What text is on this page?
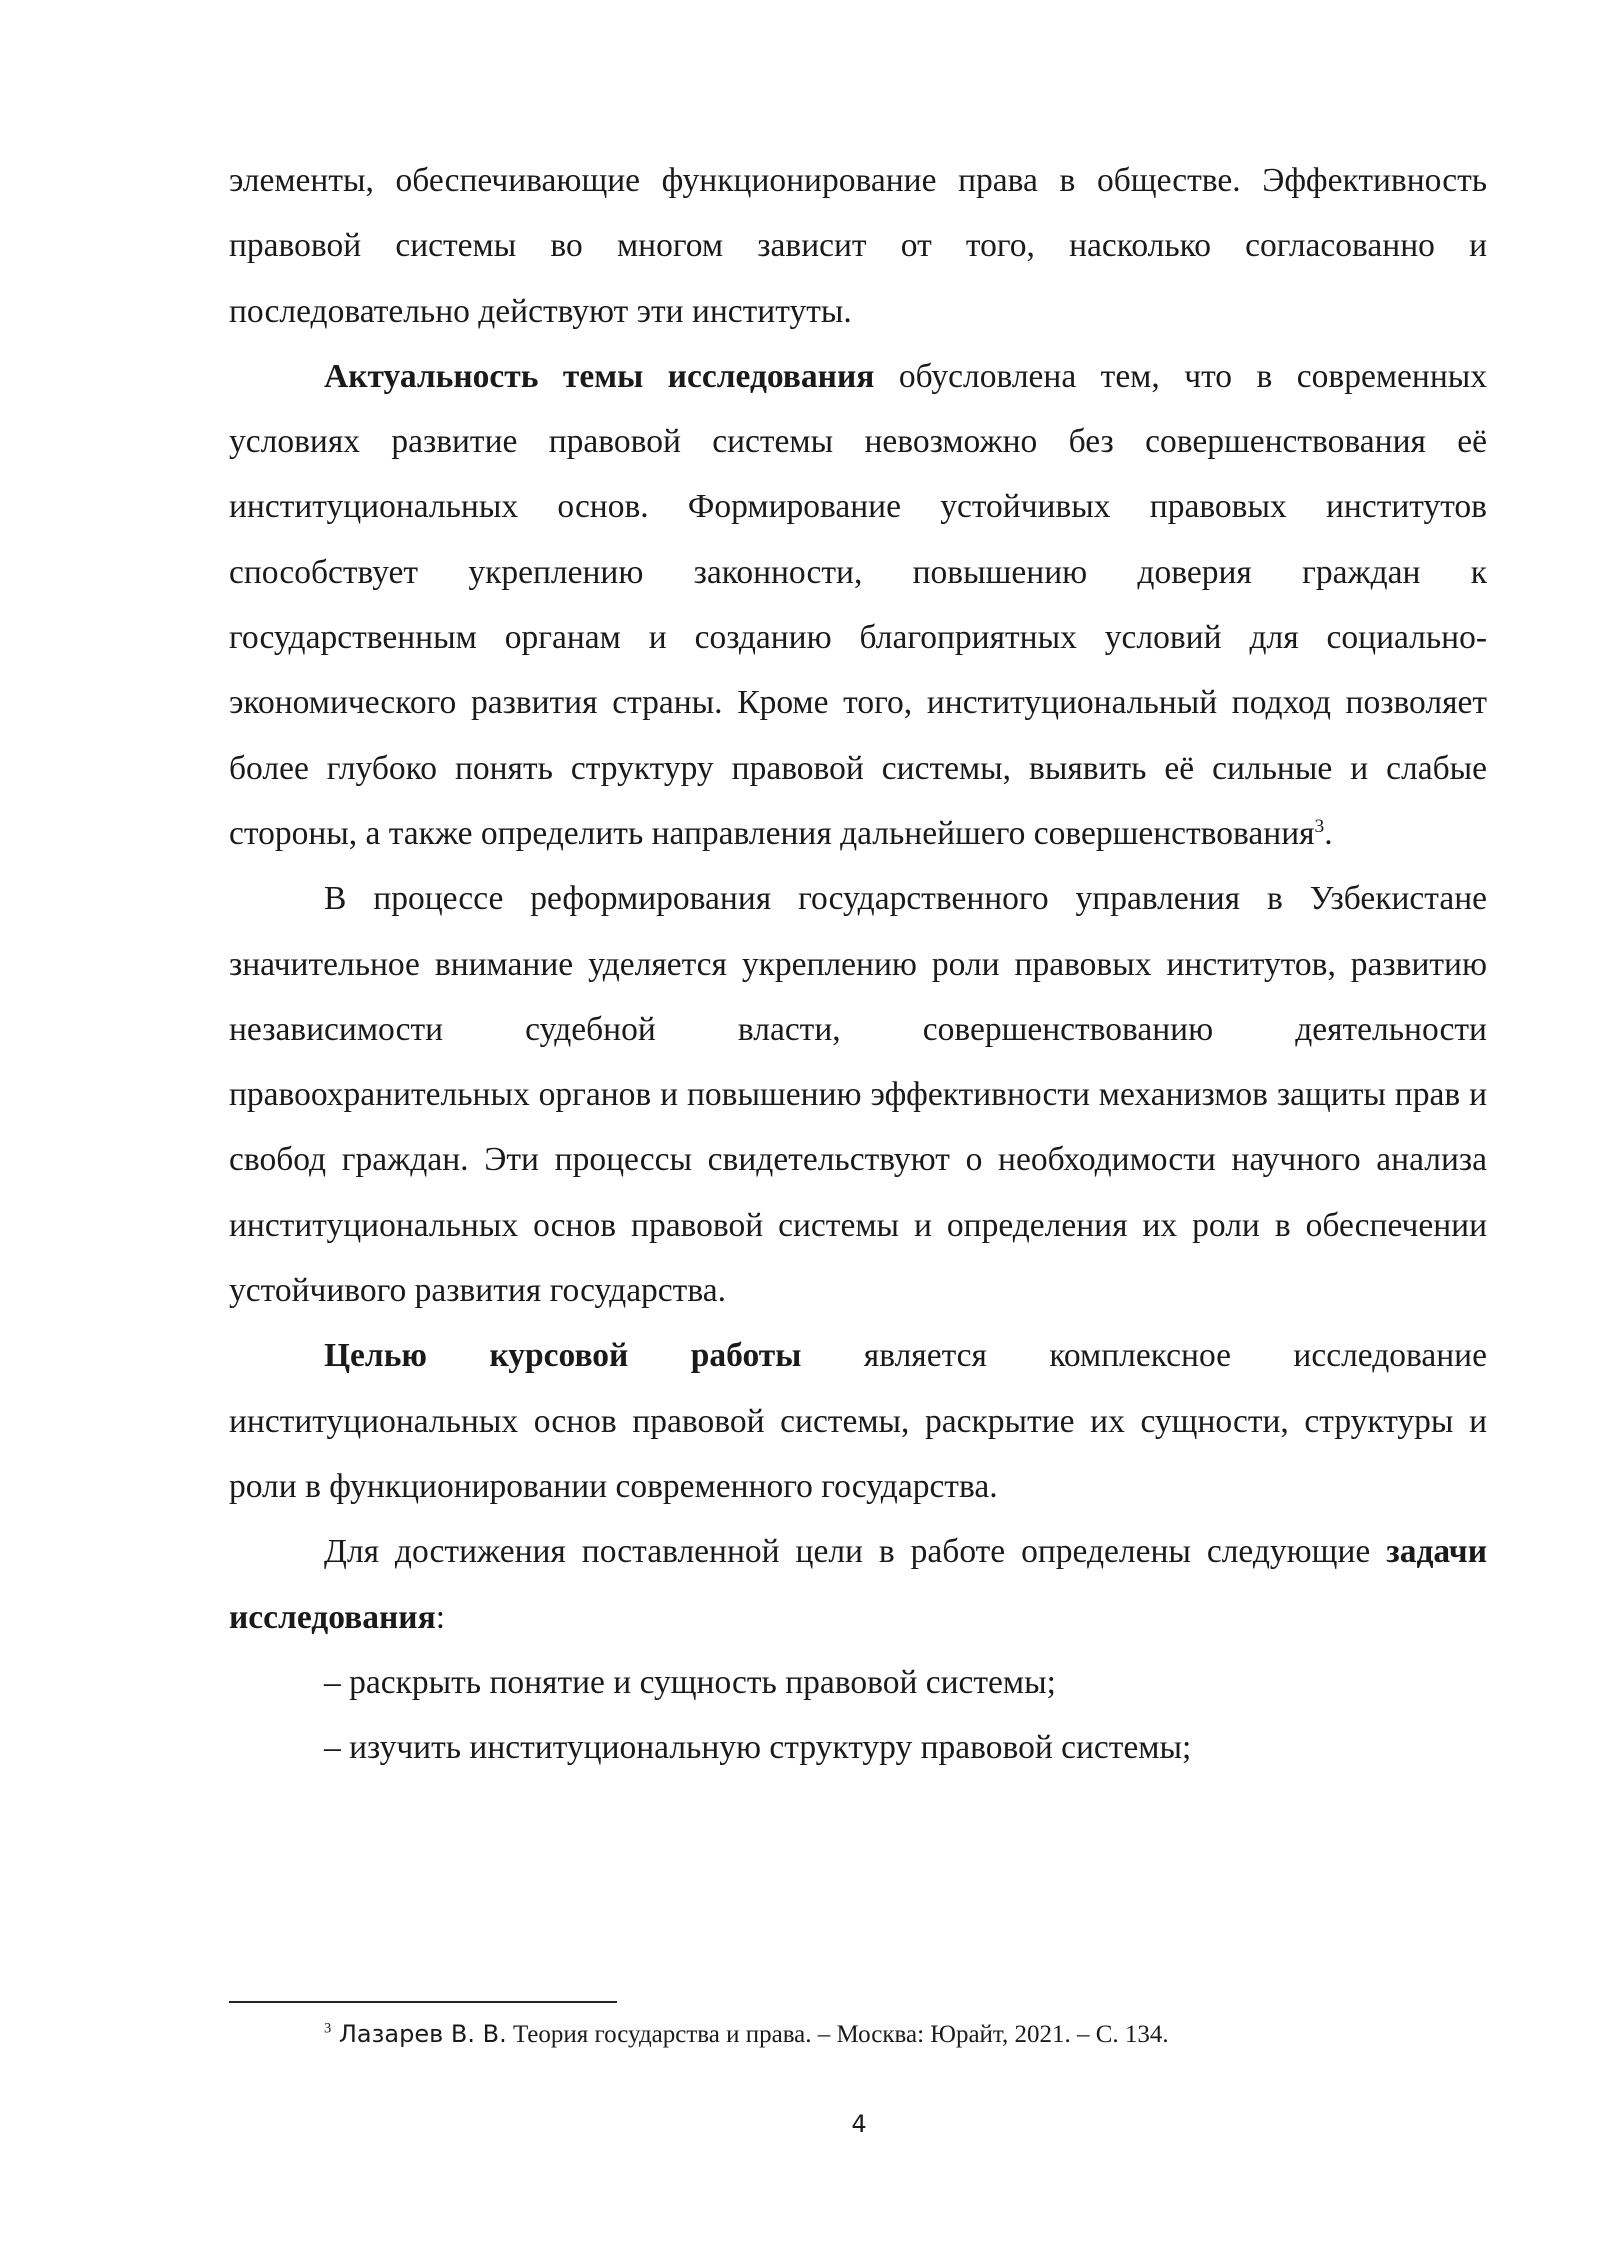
элементы, обеспечивающие функционирование права в обществе. Эффективность правовой системы во многом зависит от того, насколько согласованно и последовательно действуют эти институты.

Актуальность темы исследования обусловлена тем, что в современных условиях развитие правовой системы невозможно без совершенствования её институциональных основ. Формирование устойчивых правовых институтов способствует укреплению законности, повышению доверия граждан к государственным органам и созданию благоприятных условий для социально-экономического развития страны. Кроме того, институциональный подход позволяет более глубоко понять структуру правовой системы, выявить её сильные и слабые стороны, а также определить направления дальнейшего совершенствования$^3$.

В процессе реформирования государственного управления в Узбекистане значительное внимание уделяется укреплению роли правовых институтов, развитию независимости судебной власти, совершенствованию деятельности правоохранительных органов и повышению эффективности механизмов защиты прав и свобод граждан. Эти процессы свидетельствуют о необходимости научного анализа институциональных основ правовой системы и определения их роли в обеспечении устойчивого развития государства.

Целью курсовой работы является комплексное исследование институциональных основ правовой системы, раскрытие их сущности, структуры и роли в функционировании современного государства.

Для достижения поставленной цели в работе определены следующие задачи исследования:

– раскрыть понятие и сущность правовой системы;

– изучить институциональную структуру правовой системы;

$^3$ Лазарев В. В. Теория государства и права. – Москва: Юрайт, 2021. – С. 134.
4
